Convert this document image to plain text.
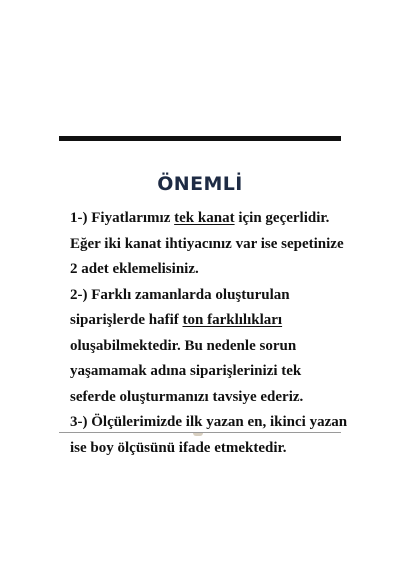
ÖNEMLİ
1-) Fiyatlarımız tek kanat için geçerlidir.
Eğer iki kanat ihtiyacınız var ise sepetinize
2 adet eklemelisiniz.
2-) Farklı zamanlarda oluşturulan
siparişlerde hafif ton farklılıkları
oluşabilmektedir. Bu nedenle sorun
yaşamamak adına siparişlerinizi tek
seferde oluşturmanızı tavsiye ederiz.
3-) Ölçülerimizde ilk yazan en, ikinci yazan
ise boy ölçüsünü ifade etmektedir.
